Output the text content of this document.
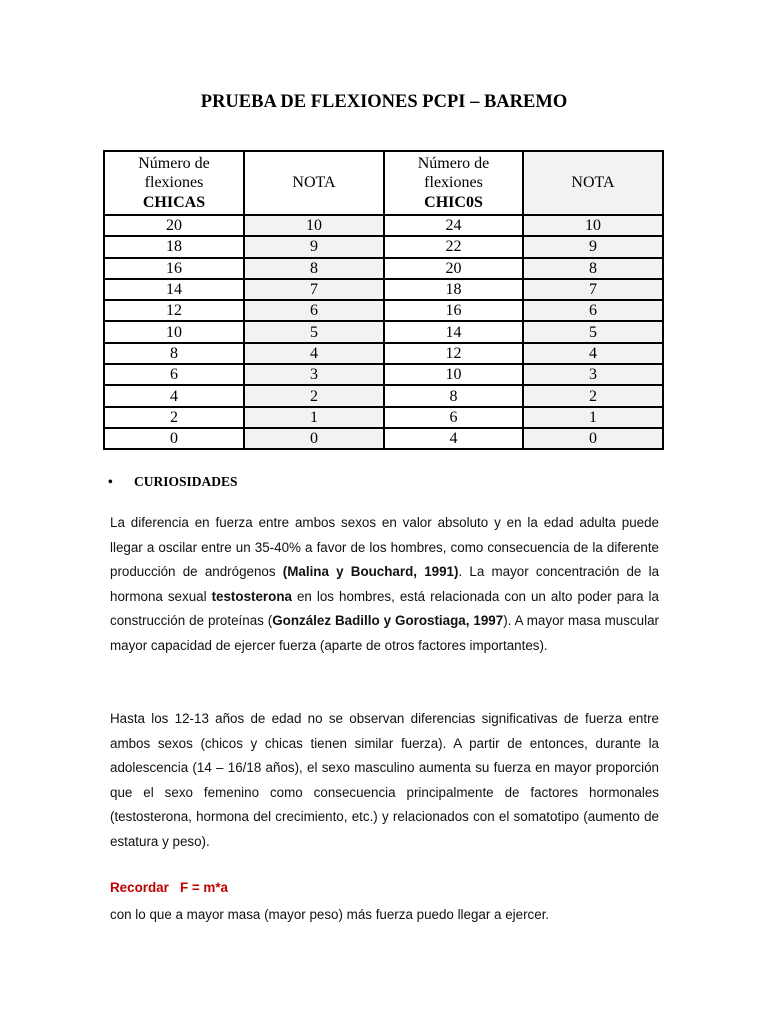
PRUEBA DE FLEXIONES PCPI – BAREMO
Número de
flexiones
CHICAS	NOTA	Número de
flexiones
CHIC0S	NOTA
20	10	24	10
18	9	22	9
16	8	20	8
14	7	18	7
12	6	16	6
10	5	14	5
8	4	12	4
6	3	10	3
4	2	8	2
2	1	6	1
0	0	4	0
• CURIOSIDADES

La diferencia en fuerza entre ambos sexos en valor absoluto y en la edad adulta puede llegar a oscilar entre un 35-40% a favor de los hombres, como consecuencia de la diferente producción de andrógenos (Malina y Bouchard, 1991). La mayor concentración de la hormona sexual testosterona en los hombres, está relacionada con un alto poder para la construcción de proteínas (González Badillo y Gorostiaga, 1997). A mayor masa muscular mayor capacidad de ejercer fuerza (aparte de otros factores importantes).

Hasta los 12-13 años de edad no se observan diferencias significativas de fuerza entre ambos sexos (chicos y chicas tienen similar fuerza). A partir de entonces, durante la adolescencia (14 – 16/18 años), el sexo masculino aumenta su fuerza en mayor proporción que el sexo femenino como consecuencia principalmente de factores hormonales (testosterona, hormona del crecimiento, etc.) y relacionados con el somatotipo (aumento de estatura y peso).

Recordar F = m*a

con lo que a mayor masa (mayor peso) más fuerza puedo llegar a ejercer.
